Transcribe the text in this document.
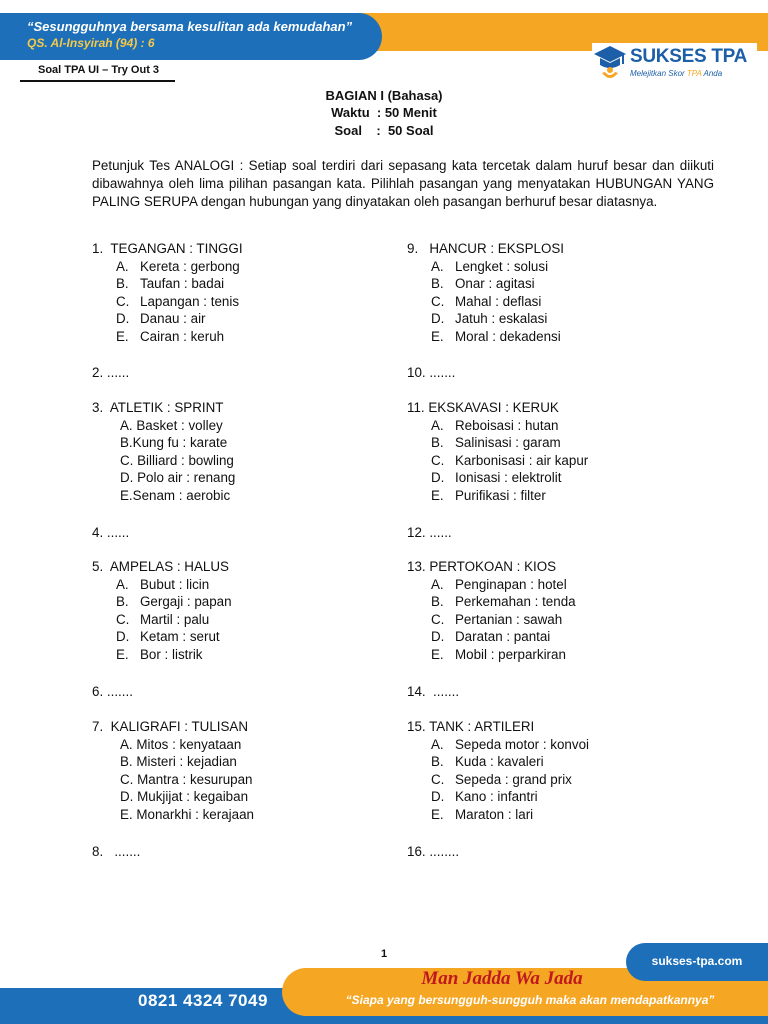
“Sesungguhnya bersama kesulitan ada kemudahan”
QS. Al-Insyirah (94) : 6
Soal TPA UI – Try Out 3
SUKSES TPA
Melejitkan Skor TPA Anda
BAGIAN I (Bahasa)
Waktu  : 50 Menit
Soal    :  50 Soal
Petunjuk Tes ANALOGI : Setiap soal terdiri dari sepasang kata tercetak dalam huruf besar dan diikuti dibawahnya oleh lima pilihan pasangan kata. Pilihlah pasangan yang menyatakan HUBUNGAN YANG PALING SERUPA dengan hubungan yang dinyatakan oleh pasangan berhuruf besar diatasnya.
1.  TEGANGAN : TINGGI
A. Kereta : gerbong
B. Taufan : badai
C. Lapangan : tenis
D. Danau : air
E. Cairan : keruh
2. ......
3.  ATLETIK : SPRINT
A. Basket : volley
B.Kung fu : karate
C. Billiard : bowling
D. Polo air : renang
E.Senam : aerobic
4. ......
5.  AMPELAS : HALUS
A. Bubut : licin
B. Gergaji : papan
C. Martil : palu
D. Ketam : serut
E. Bor : listrik
6. .......
7.  KALIGRAFI : TULISAN
A. Mitos : kenyataan
B. Misteri : kejadian
C. Mantra : kesurupan
D. Mukjijat : kegaiban
E. Monarkhi : kerajaan
8.   .......
9.   HANCUR : EKSPLOSI
A. Lengket : solusi
B. Onar : agitasi
C. Mahal : deflasi
D. Jatuh : eskalasi
E. Moral : dekadensi
10. .......
11. EKSKAVASI : KERUK
A. Reboisasi : hutan
B. Salinisasi : garam
C. Karbonisasi : air kapur
D. Ionisasi : elektrolit
E. Purifikasi : filter
12. ......
13. PERTOKOAN : KIOS
A. Penginapan : hotel
B. Perkemahan : tenda
C. Pertanian : sawah
D. Daratan : pantai
E. Mobil : perparkiran
14.  .......
15. TANK : ARTILERI
A. Sepeda motor : konvoi
B. Kuda : kavaleri
C. Sepeda : grand prix
D. Kano : infantri
E. Maraton : lari
16. ........
1	sukses-tpa.com
Man Jadda Wa Jada
“Siapa yang bersungguh-sungguh maka akan mendapatkannya”
0821 4324 7049
